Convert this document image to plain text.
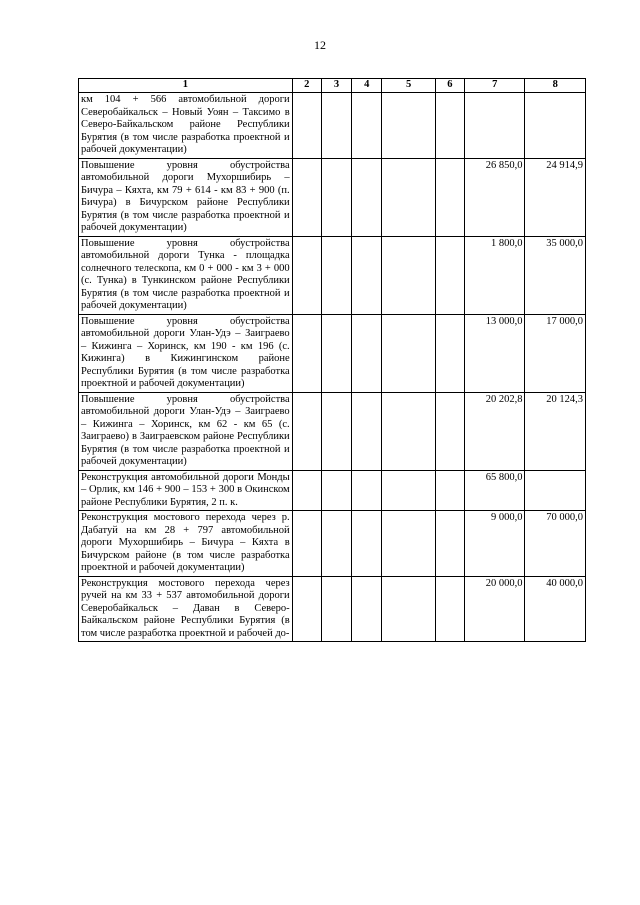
12
1	2	3	4	5	6	7	8
км 104 + 566 автомобильной дороги Северобайкальск – Новый Уоян – Таксимо в Северо-Байкальском районе Республики Бурятия (в том числе разработка проектной и рабочей документации)							
Повышение уровня обустройства автомобильной дороги Мухоршибирь – Бичура – Кяхта, км 79 + 614 - км 83 + 900 (п. Бичура) в Бичурском районе Республики Бурятия (в том числе разработка проектной и рабочей документации)						26 850,0	24 914,9
Повышение уровня обустройства автомобильной дороги Тунка - площадка солнечного телескопа, км 0 + 000 - км 3 + 000 (с. Тунка) в Тункинском районе Республики Бурятия (в том числе разработка проектной и рабочей документации)						1 800,0	35 000,0
Повышение уровня обустройства автомобильной дороги Улан-Удэ – Заиграево – Кижинга – Хоринск, км 190 - км 196 (с. Кижинга) в Кижингинском районе Республики Бурятия (в том числе разработка проектной и рабочей документации)						13 000,0	17 000,0
Повышение уровня обустройства автомобильной дороги Улан-Удэ – Заиграево – Кижинга – Хоринск, км 62 - км 65 (с. Заиграево) в Заиграевском районе Республики Бурятия (в том числе разработка проектной и рабочей документации)						20 202,8	20 124,3
Реконструкция автомобильной дороги Монды – Орлик, км 146 + 900 – 153 + 300 в Окинском районе Республики Бурятия, 2 п. к.						65 800,0	
Реконструкция мостового перехода через р. Дабатуй на км 28 + 797 автомобильной дороги Мухоршибирь – Бичура – Кяхта в Бичурском районе (в том числе разработка проектной и рабочей документации)						9 000,0	70 000,0
Реконструкция мостового перехода через ручей на км 33 + 537 автомобильной дороги Северобайкальск – Даван в Северо-Байкальском районе Республики Бурятия (в том числе разработка проектной и рабочей до-						20 000,0	40 000,0
